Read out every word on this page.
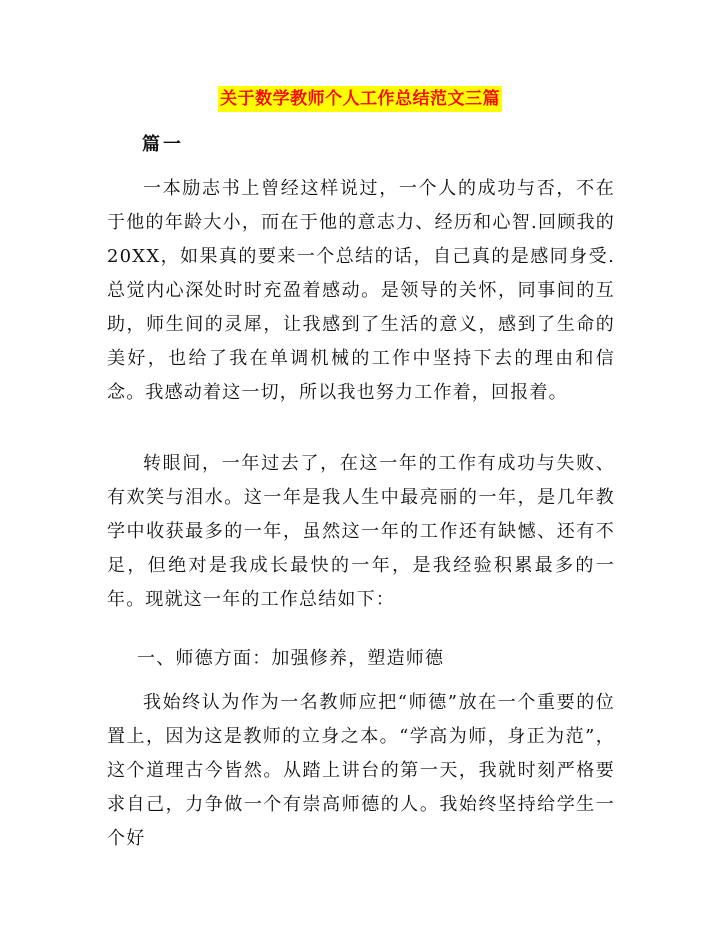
关于数学教师个人工作总结范文三篇
篇一

一本励志书上曾经这样说过，一个人的成功与否，不在于他的年龄大小，而在于他的意志力、经历和心智.回顾我的20XX，如果真的要来一个总结的话，自己真的是感同身受.总觉内心深处时时充盈着感动。是领导的关怀，同事间的互助，师生间的灵犀，让我感到了生活的意义，感到了生命的美好，也给了我在单调机械的工作中坚持下去的理由和信念。我感动着这一切，所以我也努力工作着，回报着。

转眼间，一年过去了，在这一年的工作有成功与失败、有欢笑与泪水。这一年是我人生中最亮丽的一年，是几年教学中收获最多的一年，虽然这一年的工作还有缺憾、还有不足，但绝对是我成长最快的一年，是我经验积累最多的一年。现就这一年的工作总结如下：

一、师德方面：加强修养，塑造师德

我始终认为作为一名教师应把“师德”放在一个重要的位置上，因为这是教师的立身之本。“学高为师，身正为范”，这个道理古今皆然。从踏上讲台的第一天，我就时刻严格要求自己，力争做一个有崇高师德的人。我始终坚持给学生一个好
